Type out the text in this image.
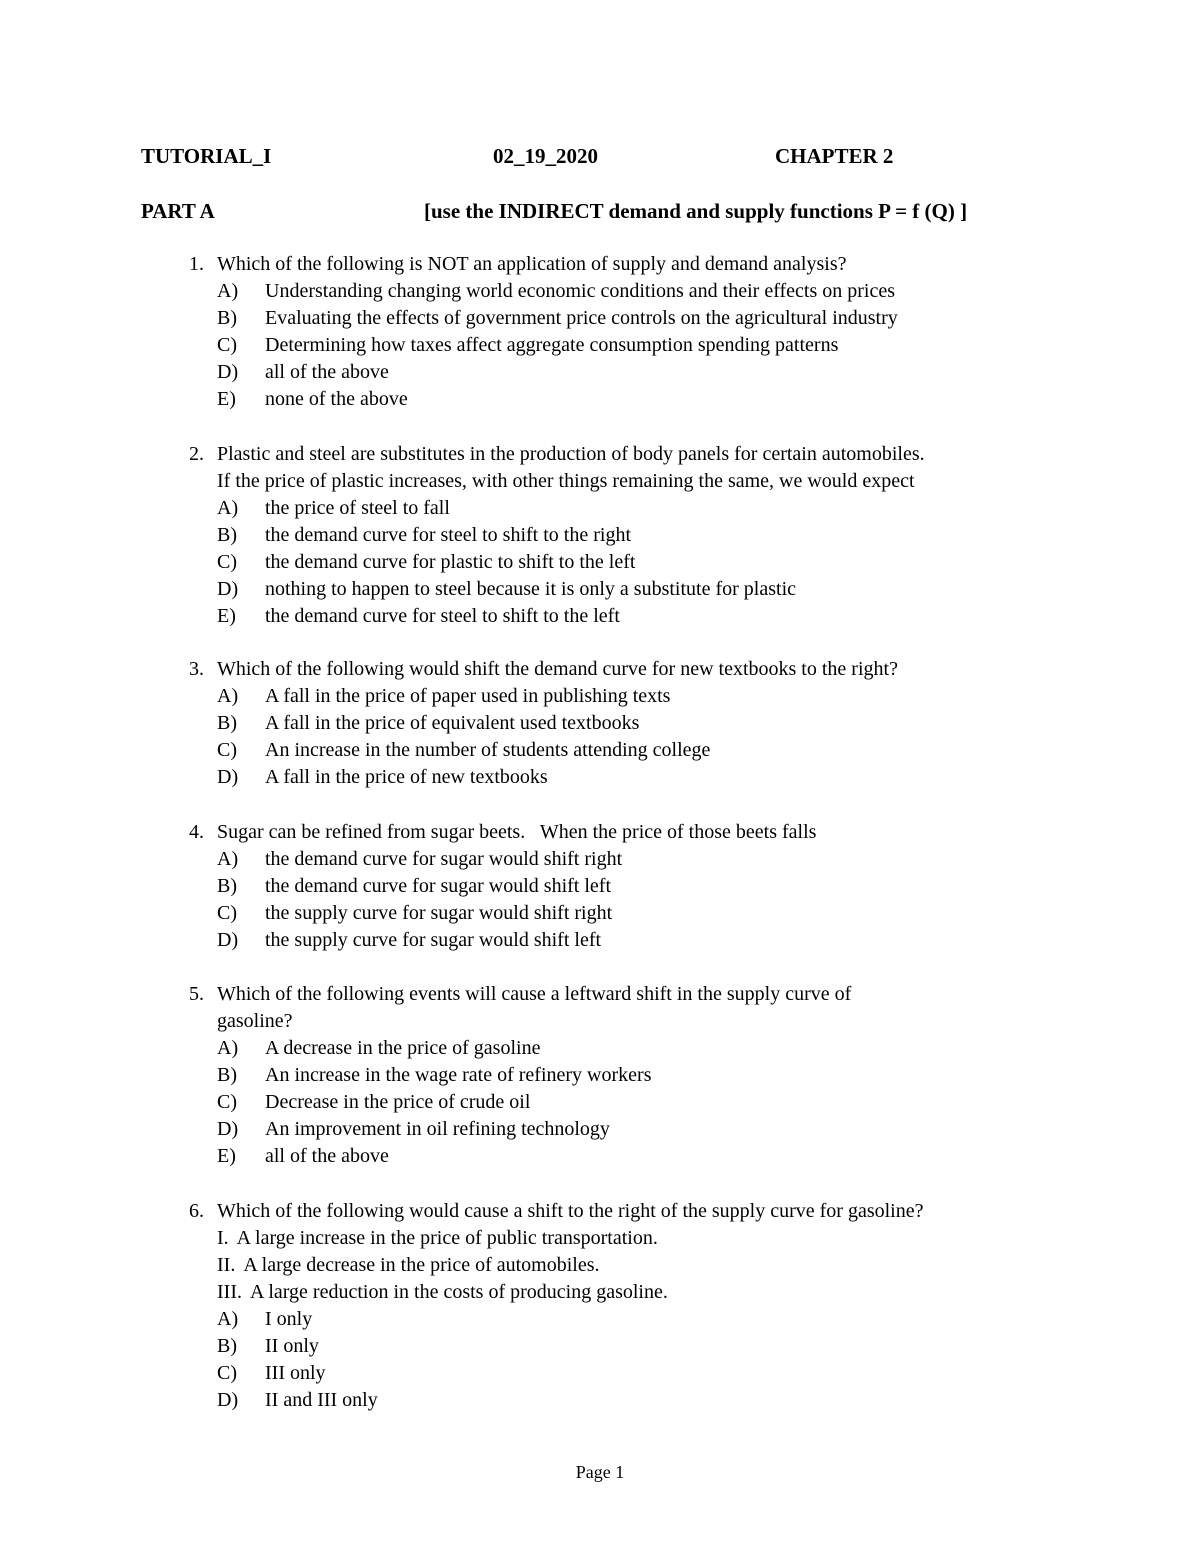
TUTORIAL_I	02_19_2020	CHAPTER 2
PART A	[use the INDIRECT demand and supply functions P = f (Q) ]
1. Which of the following is NOT an application of supply and demand analysis?
A)	Understanding changing world economic conditions and their effects on prices
B)	Evaluating the effects of government price controls on the agricultural industry
C)	Determining how taxes affect aggregate consumption spending patterns
D)	all of the above
E)	none of the above
2. Plastic and steel are substitutes in the production of body panels for certain automobiles.
If the price of plastic increases, with other things remaining the same, we would expect
A)	the price of steel to fall
B)	the demand curve for steel to shift to the right
C)	the demand curve for plastic to shift to the left
D)	nothing to happen to steel because it is only a substitute for plastic
E)	the demand curve for steel to shift to the left
3. Which of the following would shift the demand curve for new textbooks to the right?
A)	A fall in the price of paper used in publishing texts
B)	A fall in the price of equivalent used textbooks
C)	An increase in the number of students attending college
D)	A fall in the price of new textbooks
4. Sugar can be refined from sugar beets.   When the price of those beets falls
A)	the demand curve for sugar would shift right
B)	the demand curve for sugar would shift left
C)	the supply curve for sugar would shift right
D)	the supply curve for sugar would shift left
5. Which of the following events will cause a leftward shift in the supply curve of
gasoline?
A)	A decrease in the price of gasoline
B)	An increase in the wage rate of refinery workers
C)	Decrease in the price of crude oil
D)	An improvement in oil refining technology
E)	all of the above
6. Which of the following would cause a shift to the right of the supply curve for gasoline?
I. A large increase in the price of public transportation.
II. A large decrease in the price of automobiles.
III. A large reduction in the costs of producing gasoline.
A)	I only
B)	II only
C)	III only
D)	II and III only
Page 1
